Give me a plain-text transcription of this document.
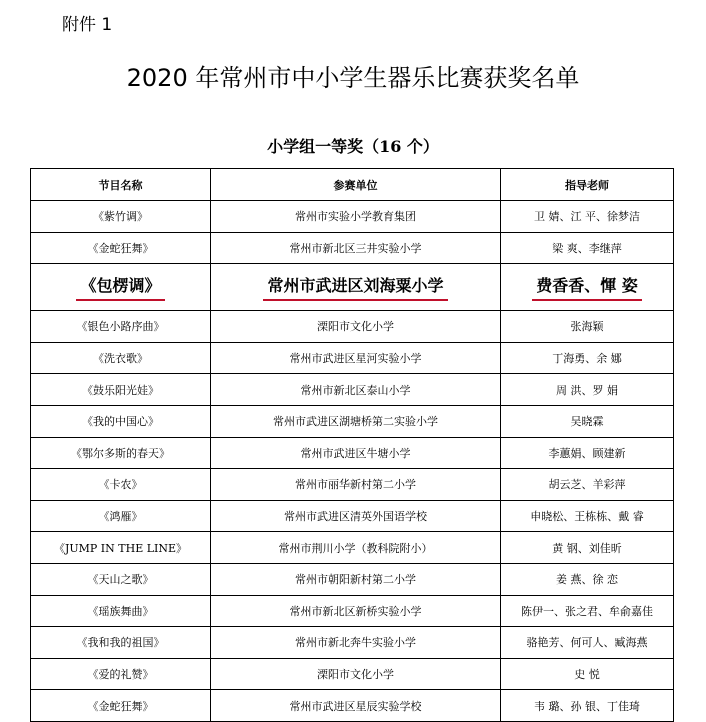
附件 1
2020 年常州市中小学生器乐比赛获奖名单
小学组一等奖（16 个）
节目名称	参赛单位	指导老师
《紫竹调》	常州市实验小学教育集团	卫 婧、江 平、徐梦洁
《金蛇狂舞》	常州市新北区三井实验小学	梁 爽、李继萍
《包楞调》	常州市武进区刘海粟小学	费香香、惲 姿
《银色小路序曲》	溧阳市文化小学	张海颖
《洗衣歌》	常州市武进区星河实验小学	丁海勇、余 娜
《鼓乐阳光娃》	常州市新北区泰山小学	周 洪、罗 娟
《我的中国心》	常州市武进区湖塘桥第二实验小学	吴晓霖
《鄂尔多斯的春天》	常州市武进区牛塘小学	李蕙娟、顾建新
《卡农》	常州市丽华新村第二小学	胡云芝、羊彩萍
《鸿雁》	常州市武进区清英外国语学校	申晓松、王栋栋、戴 睿
《JUMP IN THE LINE》	常州市荆川小学（教科院附小）	黄 钢、刘佳昕
《天山之歌》	常州市朝阳新村第二小学	姜 燕、徐 恋
《瑶族舞曲》	常州市新北区新桥实验小学	陈伊一、张之君、牟俞嘉佳
《我和我的祖国》	常州市新北奔牛实验小学	骆艳芳、何可人、臧海燕
《爱的礼赞》	溧阳市文化小学	史 悦
《金蛇狂舞》	常州市武进区星辰实验学校	韦 璐、孙 银、丁佳琦
